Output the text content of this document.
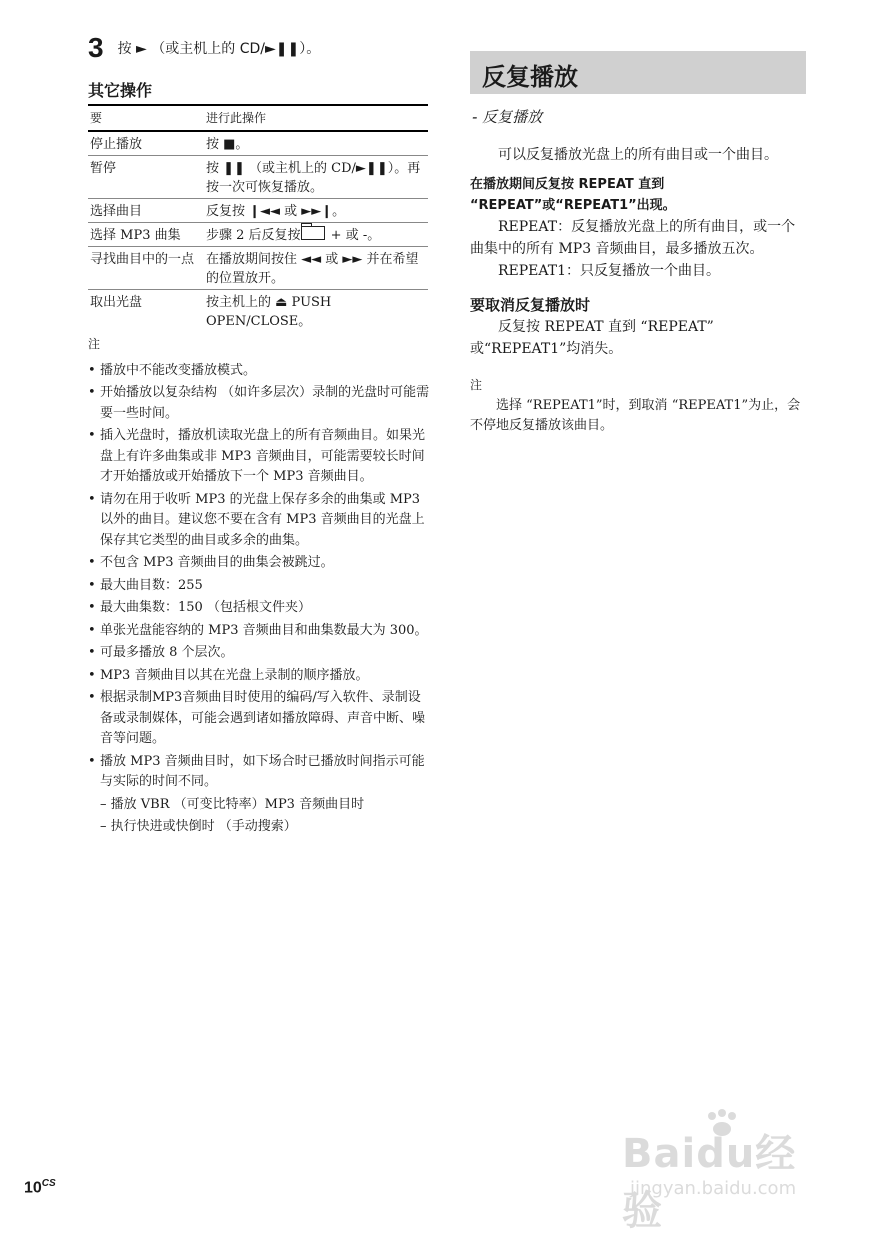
3 按 ► （或主机上的 CD/►❚❚）。
其它操作
要	进行此操作
停止播放	按 ■。
暂停	按 ❚❚ （或主机上的 CD/►❚❚）。再按一次可恢复播放。
选择曲目	反复按 ❙◄◄ 或 ►►❙。
选择 MP3 曲集	步骤 2 后反复按 + 或 -。
寻找曲目中的一点	在播放期间按住 ◄◄ 或 ►► 并在希望的位置放开。
取出光盘	按主机上的 ⏏ PUSH OPEN/CLOSE。
注
• 播放中不能改变播放模式。
• 开始播放以复杂结构 （如许多层次）录制的光盘时可能需要一些时间。
• 插入光盘时，播放机读取光盘上的所有音频曲目。如果光盘上有许多曲集或非 MP3 音频曲目，可能需要较长时间才开始播放或开始播放下一个 MP3 音频曲目。
• 请勿在用于收听 MP3 的光盘上保存多余的曲集或 MP3 以外的曲目。建议您不要在含有 MP3 音频曲目的光盘上保存其它类型的曲目或多余的曲集。
• 不包含 MP3 音频曲目的曲集会被跳过。
• 最大曲目数：255
• 最大曲集数：150 （包括根文件夹）
• 单张光盘能容纳的 MP3 音频曲目和曲集数最大为 300。
• 可最多播放 8 个层次。
• MP3 音频曲目以其在光盘上录制的顺序播放。
• 根据录制MP3音频曲目时使用的编码/写入软件、录制设备或录制媒体，可能会遇到诸如播放障碍、声音中断、噪音等问题。
• 播放 MP3 音频曲目时，如下场合时已播放时间指示可能与实际的时间不同。
– 播放 VBR （可变比特率）MP3 音频曲目时
– 执行快进或快倒时 （手动搜索）
反复播放
- 反复播放

可以反复播放光盘上的所有曲目或一个曲目。

在播放期间反复按 REPEAT 直到 “REPEAT”或“REPEAT1”出现。

REPEAT：反复播放光盘上的所有曲目，或一个曲集中的所有 MP3 音频曲目，最多播放五次。

REPEAT1：只反复播放一个曲目。

要取消反复播放时

反复按 REPEAT 直到 “REPEAT” 或“REPEAT1”均消失。

注

选择 “REPEAT1”时，到取消 “REPEAT1”为止，会不停地反复播放该曲目。

$10^{CS}$
Baidu经验
jingyan.baidu.com
